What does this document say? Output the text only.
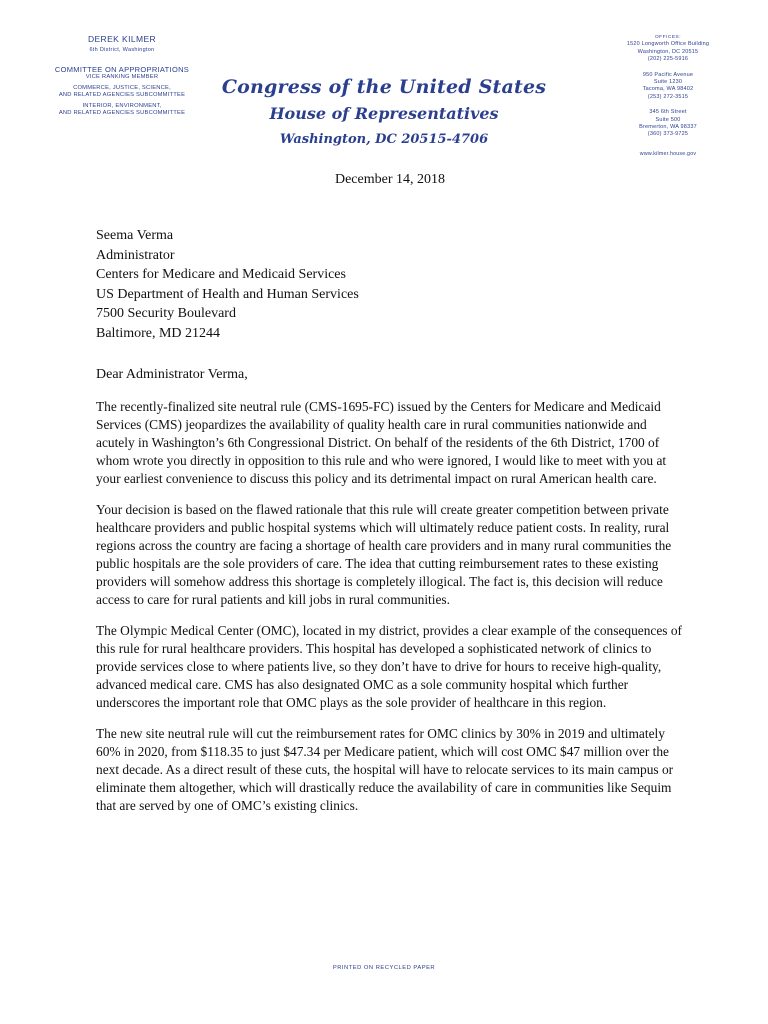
DEREK KILMER
6th District, Washington
COMMITTEE ON APPROPRIATIONS
VICE RANKING MEMBER
COMMERCE, JUSTICE, SCIENCE,
AND RELATED AGENCIES SUBCOMMITTEE
INTERIOR, ENVIRONMENT,
AND RELATED AGENCIES SUBCOMMITTEE
Congress of the United States
House of Representatives
Washington, DC 20515-4706
OFFICES:
1520 Longworth Office Building
Washington, DC 20515
(202) 225-5916
950 Pacific Avenue
Suite 1230
Tacoma, WA 98402
(253) 272-3515
345 6th Street
Suite 500
Bremerton, WA 98337
(360) 373-9725
www.kilmer.house.gov
December 14, 2018
Seema Verma
Administrator
Centers for Medicare and Medicaid Services
US Department of Health and Human Services
7500 Security Boulevard
Baltimore, MD 21244
Dear Administrator Verma,

The recently-finalized site neutral rule (CMS-1695-FC) issued by the Centers for Medicare and Medicaid Services (CMS) jeopardizes the availability of quality health care in rural communities nationwide and acutely in Washington’s 6th Congressional District. On behalf of the residents of the 6th District, 1700 of whom wrote you directly in opposition to this rule and who were ignored, I would like to meet with you at your earliest convenience to discuss this policy and its detrimental impact on rural American health care.

Your decision is based on the flawed rationale that this rule will create greater competition between private healthcare providers and public hospital systems which will ultimately reduce patient costs. In reality, rural regions across the country are facing a shortage of health care providers and in many rural communities the public hospitals are the sole providers of care. The idea that cutting reimbursement rates to these existing providers will somehow address this shortage is completely illogical. The fact is, this decision will reduce access to care for rural patients and kill jobs in rural communities.

The Olympic Medical Center (OMC), located in my district, provides a clear example of the consequences of this rule for rural healthcare providers. This hospital has developed a sophisticated network of clinics to provide services close to where patients live, so they don’t have to drive for hours to receive high-quality, advanced medical care. CMS has also designated OMC as a sole community hospital which further underscores the important role that OMC plays as the sole provider of healthcare in this region.

The new site neutral rule will cut the reimbursement rates for OMC clinics by 30% in 2019 and ultimately 60% in 2020, from $118.35 to just $47.34 per Medicare patient, which will cost OMC $47 million over the next decade. As a direct result of these cuts, the hospital will have to relocate services to its main campus or eliminate them altogether, which will drastically reduce the availability of care in communities like Sequim that are served by one of OMC’s existing clinics.

PRINTED ON RECYCLED PAPER
